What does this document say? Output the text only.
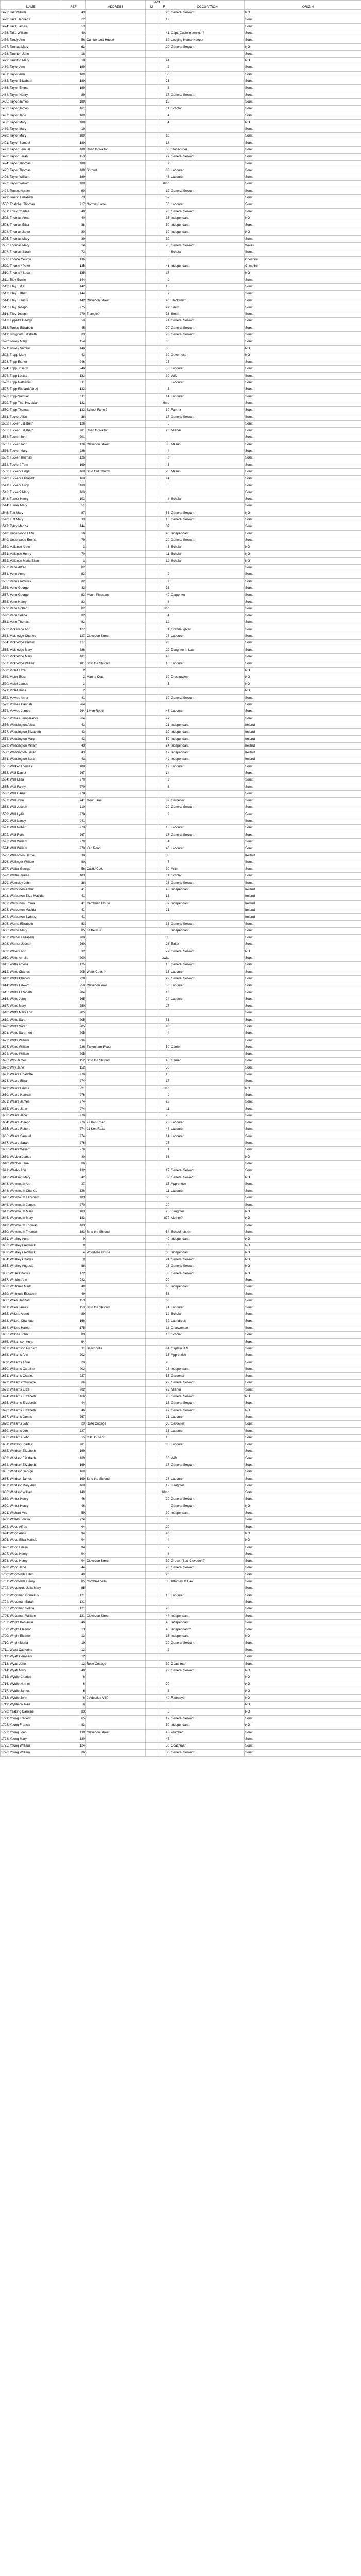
			AGE			
NAME	REF	ADDRESS	M	F	OCCUPATION	ORIGIN
1472: Tait William	43			20	General Servant	NO
1473: Taite Henrietta	22			19		Somt.
1474: Taite James	53					Somt.
1475: Taite William	40			41	Capt.(Custom service ?	Somt.
1476: Tandy Ann	56	Cumberland House		62	Lodging House Keeper	Somt.
1477: Tannatt Mary	63			20	General Servant	NO
1478: Taunton John	18					Somt.
1479: Taunton Mary	10			41		NO
1480: Taylor Ann	189			2		Somt.
1481: Taylor Ann	189			50		Somt.
1482: Taylor Elizabeth	189			23		Somt.
1483: Taylor Emma	189			8		Somt.
1484: Taylor Henry	89			17	General Servant	Somt.
1485: Taylor James	189			13		Somt.
1486: Taylor James	161			11	Scholar	Somt.
1487: Taylor Jane	189			4		Somt.
1488: Taylor Mary	189			4		NO
1489: Taylor Mary	19					Somt.
1490: Taylor Mary	189			10		Somt.
1491: Taylor Samuel	189			18		Somt.
1492: Taylor Samuel	189	Road to Walton		53	Stonecutter	Somt.
1493: Taylor Sarah	153			27	General Servant	Somt.
1494: Taylor Thomas	189			2		Somt.
1495: Taylor Thomas	189	Shroud		80	Labourer	Somt.
1496: Taylor William	189			46	Labourer	Somt.
1497: Taylor William	189			0mo		Somt.
1498: Tenant Harriet	60			19	General Servant	Somt.
1499: Teulon Elizabeth	73			67		Somt.
1500: Thatcher Thomas	217	Nortons Lane		30	Labourer	Somt.
1501: Thick Charles	40			20	General Servant	Somt.
1502: Thomas Anne	40			35	Independant	NO
1503: Thomas Eliza	38			30	Independant	Somt.
1504: Thomas Janet	30			30	Independant	NO
1505: Thomas Mary	39			30		Somt.
1506: Thomas Mary	14			26	General Servant	Wales
1507: Thomas Sarah	72				Scholar	Somt.
1508: Thome George	136			8		Cheshire
1509: Thorne? Peter	135			41	Independant	Cheshire
1510: Thorne? Susan	135			37		NO
1511: Tiley Edwin	144			9		Somt.
1512: Tiley Eliza	142			15		Somt.
1513: Tiley Esther	144			7		Somt.
1514: Tiley Francis	142	Clevedon Street		40	Blacksmith	Somt.
1515: Tiley Joseph	275			27	Smith	Somt.
1516: Tiley Joseph	279	Triangle?		73	Smith	Somt.
1517: Tippetts George	50			21	General Servant	Somt.
1518: Tombs Elizabeth	45			20	General Servant	Somt.
1519: Tosigood Elizabeth	83			20	General Servant	Somt.
1520: Towey Mary	154			30		Somt.
1521: Towey Samuel	146			36		NO
1522: Trapp Mary	42			30	Governess	NO
1523: Tripp Esther	246			25		Somt.
1524: Tripp Joseph	246			33	Labourer	Somt.
1525: Tripp Louisa	132			30	Wife	Somt.
1526: Tripp Nathaniel	111				Labourer	Somt.
1527: Tripp Richard Alfred	132			3		Somt.
1528: Tripp Samuel	111			14	Labourer	Somt.
1529: Tripp Tho. Hezekiah	132			9mo		Somt.
1530: Tripp Thomas	132	School Farm ?		30	Farmer	Somt.
1531: Tucker Alice	38			17	General Servant	Somt.
1532: Tucker Elizabeth	126			6		Somt.
1533: Tucker Elizabeth	201	Road to Walton		20	Milliner	Somt.
1534: Tucker John	201					Somt.
1535: Tucker John	126	Clevedon Street		35	Mason	Somt.
1536: Tucker Mary	236			4		Somt.
1537: Tucker Thomas	126			8		Somt.
1538: Tucker? Tom	169			3		Somt.
1539: Tucker? Edgar	169	St to Old Church		28	Mason	Somt.
1540: Tucker? Elizabeth	160			24		Somt.
1541: Tucker? Lucy	160			6		Somt.
1542: Tucker? Mary	160					Somt.
1543: Turner Henry	103			8	Scholar	Somt.
1544: Turner Mary	51					Somt.
1545: Tutt Mary	87			66	General Servant	NO
1546: Tutt Mary	33			15	General Servant	Somt.
1547: Tyley Martha	144			37		Somt.
1548: Underwood Eliza	16			40	Independant	Somt.
1549: Underwood Emma	79			20	General Servant	Somt.
1550: Vallance Anne	3			8	Scholar	NO
1551: Vallance Henry	70			11	Scholar	NO
1552: Vallance Maria Ellen	3			12	Scholar	NO
1553: Venn Alfred	82					Somt.
1554: Venn Anne	82			9		Somt.
1555: Venn Frederick	82			2		Somt.
1556: Venn George	82			35		Somt.
1557: Venn George	82	Mount Pleasant		40	Carpenter	Somt.
1558: Venn Henry	82			6		Somt.
1559: Venn Robert	82			1mo		Somt.
1560: Venn Selina	82			4		Somt.
1561: Venn Thomas	82			12		Somt.
1562: Vickerage Ann	127			31	Grandaughter	Somt.
1563: Vickredge Charles	127	Clevedon Street		26	Labourer	Somt.
1564: Vickredge Harriet	117			20		Somt.
1565: Vickredge Mary	286			29	Daughter in Law	Somt.
1566: Vickredge Mary	181			43		Somt.
1567: Vickredge William	181	St to the Shroud		18	Labourer	Somt.
1568: Violet Eliza	2					NO
1569: Violet Eliza	2	Marine Cott.		30	Dressmaker	NO
1570: Violet James	2			3		NO
1571: Violet Rosa	2					NO
1572: Vowles Anna	41			30	General Servant	Somt.
1573: Vowles Hannah	264					Somt.
1574: Vowles James	264	1 Ken Road		45	Labourer	Somt.
1575: Vowles Temperance	264			27		Somt.
1576: Waddington Alicia	43			21	Independant	Ireland
1577: Waddington Elizabeth	43			19	Independant	Ireland
1578: Waddington Mary	43			50	Independant	Ireland
1579: Waddington Miriam	43			24	Independant	Ireland
1580: Waddington Sarah	43			17	Independant	Ireland
1581: Waddington Sarah	43			49	Independant	Ireland
1582: Walker Thomas	180			19	Labourer	Somt.
1583: Wall Daniel	267			14		Somt.
1584: Wall Eliza	270			9		Somt.
1585: Wall Fanny	270			6		Somt.
1586: Wall Harriet	270					Somt.
1587: Wall John	241	Moor Lane		82	Gardener	Somt.
1588: Wall Joseph	110			20	General Servant	Somt.
1589: Wall Lydia	270			9		Somt.
1590: Wall Nancy	241					Somt.
1591: Wall Robert	273			16	Labourer	Somt.
1592: Wall Ruth	267			17	General Servant	Somt.
1593: Wall William	270			4		Somt.
1594: Wall William	270	Ken Road		40	Labourer	Somt.
1595: Wallington Harriet	30			38		Ireland
1596: Wallinger William	80			7		Somt.
1597: Walter George	56	Castle Cott.		30	Artist	Somt.
1598: Walter James	183			11	Scholar	Somt.
1599: Wamsley John	38			25	General Servant	Somt.
1600: Warburton Arthur	41			43	Independant	Ireland
1601: Warburton Eliza Matilda	41			13		Ireland
1602: Warburton Emma	41	Cambrian House		32	Independant	Ireland
1603: Warburton Matilda	41			21		Ireland
1604: Warburton Sydney	41					Ireland
1605: Warne Elizabeth	83			35	General Servant	Somt.
1606: Warne Mary	85	61 Bellvue			Independant	Somt.
1607: Warner Elizabeth	200			30		Somt.
1608: Warner Joseph	260			26	Baker	Somt.
1609: Waters Ann	32			27	General Servant	NO
1610: Watts Amelia	200			3wks		Somt.
1611: Watts Amelia	125			15	General Servant	Somt.
1612: Watts Charles	205	Watts Cotts ?		15	Labourer	Somt.
1613: Watts Charles	928			22	General Servant	Somt.
1614: Watts Edward	250	Clevedon Wall		53	Labourer	Somt.
1615: Watts Elizabeth	204			10		Somt.
1616: Watts John	265			24	Labourer	Somt.
1617: Watts Mary	250			27		Somt.
1618: Watts Mary Ann	205					Somt.
1619: Watts Sarah	205			33		Somt.
1620: Watts Sarah	205			48		Somt.
1621: Watts Sarah Ann	205			4		Somt.
1622: Watts William	236			5		Somt.
1623: Watts William	236	Tickenham Road		50	Carrier	Somt.
1624: Watts William	205					Somt.
1625: Way James	152	St to the Shroud		45	Carrier	Somt.
1626: Way Jane	152			50		Somt.
1627: Weare Charlotte	276			15		Somt.
1628: Weare Eliza	274			17		Somt.
1629: Weare Emma	221			1mo		NO
1630: Weare Hannah	276			9		Somt.
1631: Weare James	274			23		Somt.
1632: Weare Jane	274			11		Somt.
1633: Weare Jane	276			25		Somt.
1634: Weare Joseph	276	27 Ken Road		28	Labourer	Somt.
1635: Weare Robert	274	21 Ken Road		48	Labourer	Somt.
1636: Weare Samuel	274			14	Labourer	Somt.
1637: Weare Sarah	276			25		Somt.
1638: Weare William	276			1		Somt.
1639: Webber James	80			38		NO
1640: Webber Jane	86					Somt.
1641: Weeks Ann	132			17	General Servant	Somt.
1642: Weetson Mary	42			32	General Servant	NO
1643: Weymouth Ann	27			15	Apprentice	Somt.
1644: Weymouth Charles	126			11	Labourer	Somt.
1645: Weymouth Elizabeth	183			50		Somt.
1646: Weymouth James	270			20		Somt.
1647: Weymouth Mary	183			25	Daughter	NO
1648: Weymouth Mary	183			87?	Mother?	NO
1649: Weymouth Thomas	183					Somt.
1650: Weymouth Thomas	183	St to the Shroud		54	Schoolmaster	Somt.
1651: Whalley Anne	9			40	Independant	NO
1652: Whalley Frederick	9			6		NO
1653: Whalley Frederick	4	Woodville House		60	Independant	NO
1654: Whalley Charles	9			24	General Servant	NO
1655: Whalley Augusta	88			25	General Servant	NO
1656: White Charles	172			33	General Servant	NO
1657: Whittier Ann	242			20		Somt.
1658: Whitnuell Mark	49			60	Independant	Somt.
1659: Whitnuell Elizabeth	49			53		Somt.
1660: Wiles Hannah	153			60		Somt.
1661: Wiles James	153	St to the Shroud		74	Labourer	Somt.
1662: Wilkins Albert	89			12	Scholar	Somt.
1663: Wilkins Charlotte	166			32	Laundress	Somt.
1664: Wilkins Harriet	175			18	Charwoman	Somt.
1665: Wilkins John E	83			10	Scholar	Somt.
1666: Williamson Anne	64					Somt.
1667: Williamson Richard	31	Beach Villa		84	Captain R.N.	Somt.
1668: Williams Ann	202			15	Apprentice	Somt.
1669: Williams Anne	20			20		Somt.
1670: Williams Caroline	202			23	Independant	Somt.
1671: Williams Charles	227			55	Gardener	Somt.
1672: Williams Charlotte	86			22	General Servant	Somt.
1673: Williams Eliza	202			22	Milliner	Somt.
1674: Williams Elizabeth	166			20	General Servant	NO
1675: Williams Elizabeth	44			15	General Servant	Somt.
1676: Williams Elizabeth	46			27	General Servant	NO
1677: Williams James	267			21	Labourer	Somt.
1678: Williams John	20	Rose Cottage		35	Gardener	Somt.
1679: Williams John	227			35	Labourer	Somt.
1680: Williams John	15	O.P.House ?		15		Somt.
1681: Willmot Charles	201			36	Labourer	Somt.
1682: Windsor Elizabeth	169					Somt.
1683: Windsor Elizabeth	169			30	Wife	Somt.
1684: Windsor Elizabeth	169			17	General Servant	Somt.
1685: Windsor George	169					Somt.
1686: Windsor James	169	St to the Shroud		28	Labourer	Somt.
1687: Windsor Mary Ann	169			12	Daughter	Somt.
1688: Windsor William	149			10mo		Somt.
1689: Winter Henry	46			20	General Servant	Somt.
1690: Winter Henry	46				General Servant	NO
1691: Wishart Mrs	59			30	Independant	Somt.
1692: Withey Louisa	224			30		Somt.
1693: Wood Alfred	94			20		Somt.
1694: Wood Anna	94			40		NO
1695: Wood Eliza Matilda	94			4		NO
1696: Wood Emilia	94			2		Somt.
1697: Wood Henry	94			6		Somt.
1698: Wood Henry	94	Clevedon Street		30	Grocer (Sad Clevedon?)	Somt.
1699: Wood Jane	44			20	General Servant	Somt.
1700: Woodforde Ellen	49			26		Somt.
1701: Woodforde Henry	85	Combrae Villa		30	Attorney at Law	Somt.
1702: Woodforde Julia Mary	85					Somt.
1703: Woodman Cornelius	121			15	Labourer	Somt.
1704: Woodman Sarah	121					Somt.
1705: Woodman Selina	121			20		Somt.
1706: Woodman William	121	Clevedon Street		44	Independant	Somt.
1707: Wright Benjamin	46			48	Independant	Somt.
1708: Wright Eleanor	13			40	Independant?	Somt.
1709: Wright Eleanor	13			15	Independant	NO
1710: Wright Maria	19			20	General Servant	Somt.
1711: Wyatt Catherine	12			2		Somt.
1712: Wyatt Cornelius	12					Somt.
1713: Wyatt John	12	Rose Cottage		30	Coachman	Somt.
1714: Wyatt Mary	40			29	General Servant	NO
1715: Wyldie Charles	6					NO
1716: Wyldie Harriet	6			20		NO
1717: Wyldie James	6			8		NO
1718: Wyldie John	6	2 Adelaide Vill?		40	Ratepayer	NO
1719: Wyldie W Paul	6					NO
1720: Yeatling Caroline	83			8		NO
1721: Young Frederic	65			17	General Servant	Somt.
1722: Young Francis	83			30	Independant	NO
1723: Young Joan	130	Clevedon Street		46	Plumber	Somt.
1724: Young Mary	130			45		Somt.
1725: Young William	124			30	Coachman	Somt.
1726: Young William	86			30	General Servant	Somt.
